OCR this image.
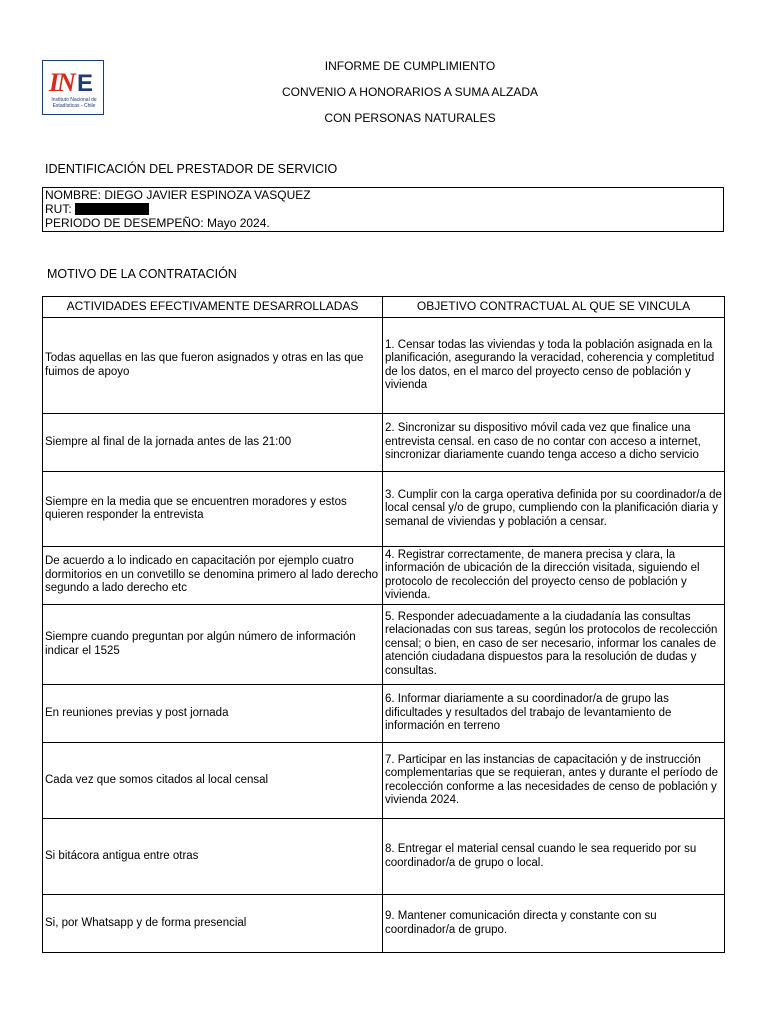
I
N E
Instituto Nacional de
Estadísticas - Chile
INFORME DE CUMPLIMIENTO
CONVENIO A HONORARIOS A SUMA ALZADA
CON PERSONAS NATURALES
IDENTIFICACIÓN DEL PRESTADOR DE SERVICIO
NOMBRE: DIEGO JAVIER ESPINOZA VASQUEZ
RUT:
PERIODO DE DESEMPEÑO: Mayo 2024.
MOTIVO DE LA CONTRATACIÓN
ACTIVIDADES EFECTIVAMENTE DESARROLLADAS	OBJETIVO CONTRACTUAL AL QUE SE VINCULA
Todas aquellas en las que fueron asignados y otras en las que fuimos de apoyo	1. Censar todas las viviendas y toda la población asignada en la planificación, asegurando la veracidad, coherencia y completitud de los datos, en el marco del proyecto censo de población y vivienda
Siempre al final de la jornada antes de las 21:00	2. Sincronizar su dispositivo móvil cada vez que finalice una entrevista censal. en caso de no contar con acceso a internet, sincronizar diariamente cuando tenga acceso a dicho servicio
Siempre en la media que se encuentren moradores y estos quieren responder la entrevista	3. Cumplir con la carga operativa definida por su coordinador/a de local censal y/o de grupo, cumpliendo con la planificación diaria y semanal de viviendas y población a censar.
De acuerdo a lo indicado en capacitación por ejemplo cuatro dormitorios en un convetillo se denomina primero al lado derecho segundo a lado derecho etc	4. Registrar correctamente, de manera precisa y clara, la información de ubicación de la dirección visitada, siguiendo el protocolo de recolección del proyecto censo de población y vivienda.
Siempre cuando preguntan por algún número de información indicar el 1525	5. Responder adecuadamente a la ciudadanía las consultas relacionadas con sus tareas, según los protocolos de recolección censal; o bien, en caso de ser necesario, informar los canales de atención ciudadana dispuestos para la resolución de dudas y consultas.
En reuniones previas y post jornada	6. Informar diariamente a su coordinador/a de grupo las dificultades y resultados del trabajo de levantamiento de información en terreno
Cada vez que somos citados al local censal	7. Participar en las instancias de capacitación y de instrucción complementarias que se requieran, antes y durante el período de recolección conforme a las necesidades de censo de población y vivienda 2024.
Si bitácora antigua entre otras	8. Entregar el material censal cuando le sea requerido por su coordinador/a de grupo o local.
Si, por Whatsapp y de forma presencial	9. Mantener comunicación directa y constante con su coordinador/a de grupo.
